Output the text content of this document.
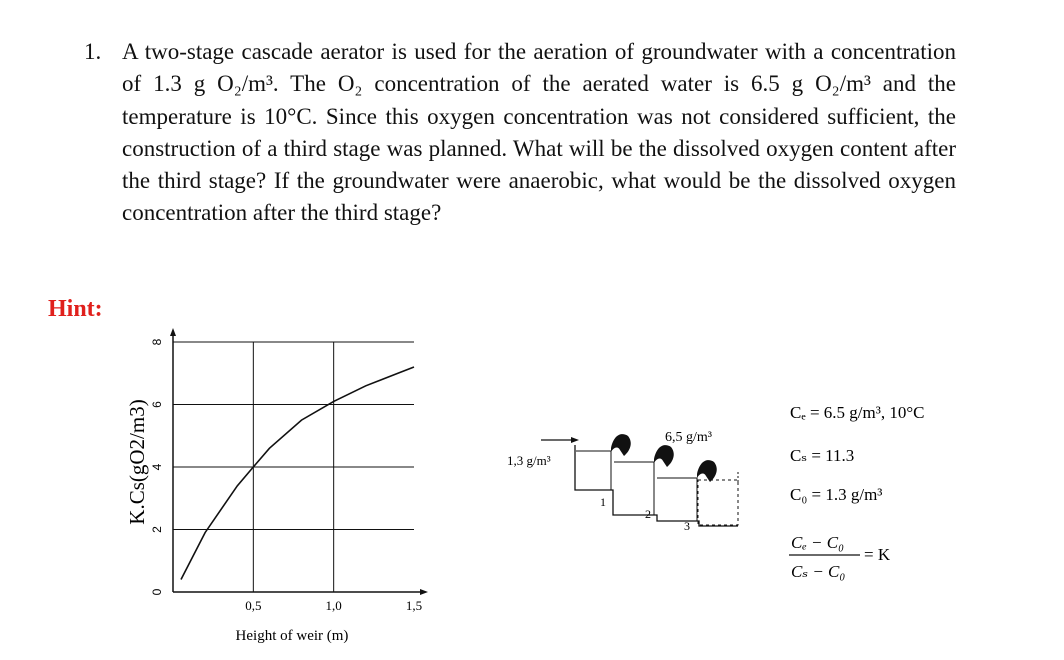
1. A two-stage cascade aerator is used for the aeration of groundwater with a concentration of 1.3 g O₂/m³. The O₂ concentration of the aerated water is 6.5 g O₂/m³ and the temperature is 10°C. Since this oxygen concentration was not considered sufficient, the construction of a third stage was planned. What will be the dissolved oxygen content after the third stage? If the groundwater were anaerobic, what would be the dissolved oxygen concentration after the third stage?
Hint:
0
2
4
6
8
0,5	1,0	1,5
Height of weir (m)
K.Cs(gO2/m3)	1,3 g/m³
6,5 g/m³
1
2
3
Cₑ = 6.5 g/m³, 10°C
Cₛ = 11.3
C₀ = 1.3 g/m³
Cₑ − C₀
Cₛ − C₀
= K
